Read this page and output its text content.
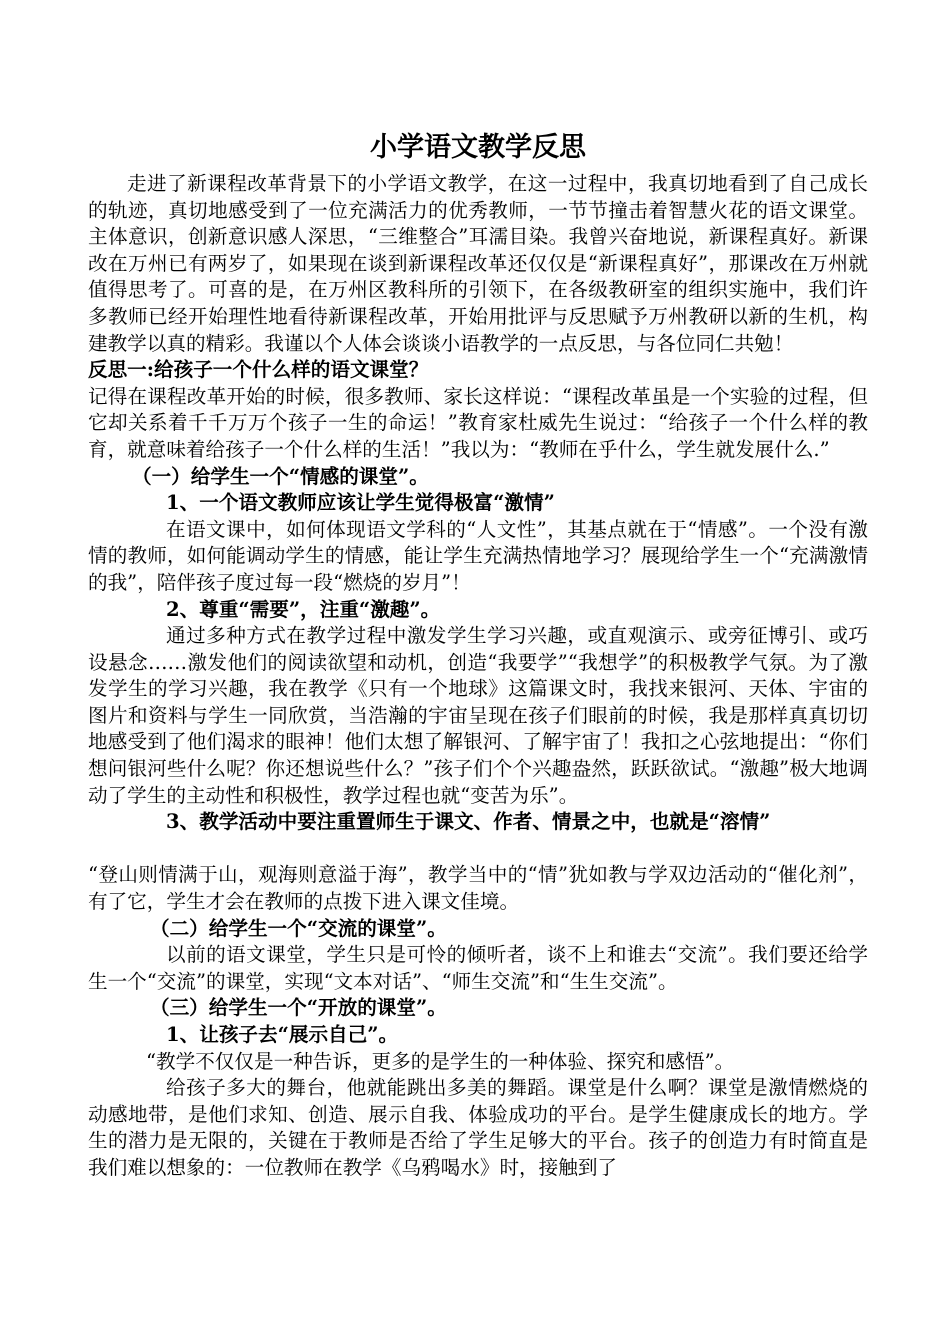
小学语文教学反思

走进了新课程改革背景下的小学语文教学，在这一过程中，我真切地看到了自己成长的轨迹，真切地感受到了一位充满活力的优秀教师，一节节撞击着智慧火花的语文课堂。主体意识，创新意识感人深思，“三维整合”耳濡目染。我曾兴奋地说，新课程真好。新课改在万州已有两岁了，如果现在谈到新课程改革还仅仅是“新课程真好”，那课改在万州就值得思考了。可喜的是，在万州区教科所的引领下，在各级教研室的组织实施中，我们许多教师已经开始理性地看待新课程改革，开始用批评与反思赋予万州教研以新的生机，构建教学以真的精彩。我谨以个人体会谈谈小语教学的一点反思，与各位同仁共勉！

反思一:给孩子一个什么样的语文课堂？

记得在课程改革开始的时候，很多教师、家长这样说：“课程改革虽是一个实验的过程，但它却关系着千千万万个孩子一生的命运！”教育家杜威先生说过：“给孩子一个什么样的教育，就意味着给孩子一个什么样的生活！”我以为：“教师在乎什么，学生就发展什么.”

（一）给学生一个“情感的课堂”。

1、一个语文教师应该让学生觉得极富“激情”

在语文课中，如何体现语文学科的“人文性”，其基点就在于“情感”。一个没有激情的教师，如何能调动学生的情感，能让学生充满热情地学习？展现给学生一个“充满激情的我”，陪伴孩子度过每一段“燃烧的岁月”！

2、尊重“需要”，注重“激趣”。

通过多种方式在教学过程中激发学生学习兴趣，或直观演示、或旁征博引、或巧设悬念……激发他们的阅读欲望和动机，创造“我要学”“我想学”的积极教学气氛。为了激发学生的学习兴趣，我在教学《只有一个地球》这篇课文时，我找来银河、天体、宇宙的图片和资料与学生一同欣赏，当浩瀚的宇宙呈现在孩子们眼前的时候，我是那样真真切切地感受到了他们渴求的眼神！他们太想了解银河、了解宇宙了！我扣之心弦地提出：“你们想问银河些什么呢？你还想说些什么？”孩子们个个兴趣盎然，跃跃欲试。“激趣”极大地调动了学生的主动性和积极性，教学过程也就“变苦为乐”。

3、教学活动中要注重置师生于课文、作者、情景之中，也就是“溶情”

“登山则情满于山，观海则意溢于海”，教学当中的“情”犹如教与学双边活动的“催化剂”，有了它，学生才会在教师的点拨下进入课文佳境。

（二）给学生一个“交流的课堂”。

以前的语文课堂，学生只是可怜的倾听者，谈不上和谁去“交流”。我们要还给学生一个“交流”的课堂，实现“文本对话”、“师生交流”和“生生交流”。

（三）给学生一个“开放的课堂”。

1、让孩子去“展示自己”。

“教学不仅仅是一种告诉，更多的是学生的一种体验、探究和感悟”。

给孩子多大的舞台，他就能跳出多美的舞蹈。课堂是什么啊？课堂是激情燃烧的动感地带，是他们求知、创造、展示自我、体验成功的平台。是学生健康成长的地方。学生的潜力是无限的，关键在于教师是否给了学生足够大的平台。孩子的创造力有时简直是我们难以想象的：一位教师在教学《乌鸦喝水》时，接触到了
